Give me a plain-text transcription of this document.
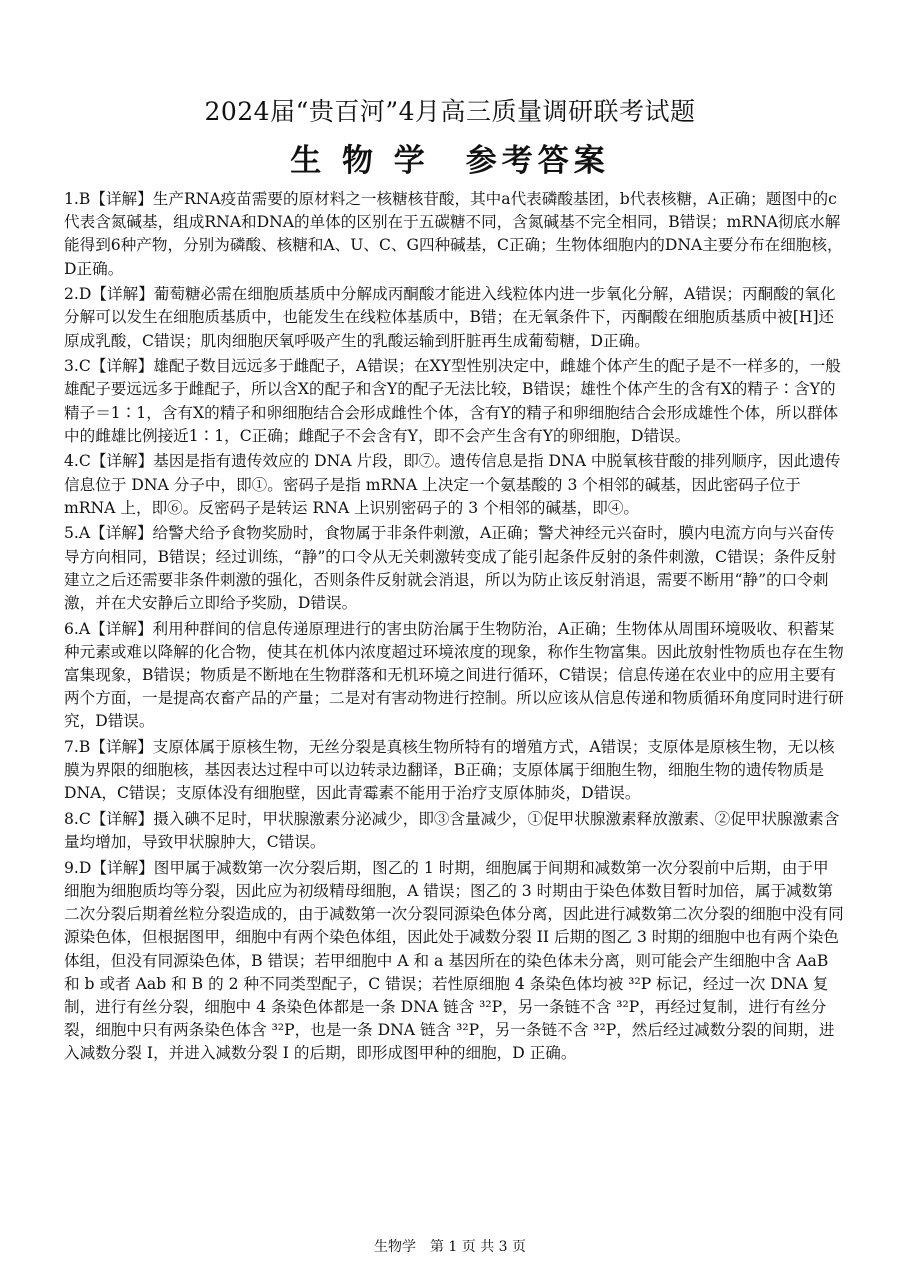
2024届“贵百河”4月高三质量调研联考试题
生 物 学　参考答案

1.B【详解】生产RNA疫苗需要的原材料之一核糖核苷酸，其中a代表磷酸基团，b代表核糖，A正确；题图中的c代表含氮碱基，组成RNA和DNA的单体的区别在于五碳糖不同，含氮碱基不完全相同，B错误；mRNA彻底水解能得到6种产物，分别为磷酸、核糖和A、U、C、G四种碱基，C正确；生物体细胞内的DNA主要分布在细胞核，D正确。

2.D【详解】葡萄糖必需在细胞质基质中分解成丙酮酸才能进入线粒体内进一步氧化分解，A错误；丙酮酸的氧化分解可以发生在细胞质基质中，也能发生在线粒体基质中，B错；在无氧条件下，丙酮酸在细胞质基质中被[H]还原成乳酸，C错误；肌肉细胞厌氧呼吸产生的乳酸运输到肝脏再生成葡萄糖，D正确。

3.C【详解】雄配子数目远远多于雌配子，A错误；在XY型性别决定中，雌雄个体产生的配子是不一样多的，一般雄配子要远远多于雌配子，所以含X的配子和含Y的配子无法比较，B错误；雄性个体产生的含有X的精子∶含Y的精子＝1∶1，含有X的精子和卵细胞结合会形成雌性个体，含有Y的精子和卵细胞结合会形成雄性个体，所以群体中的雌雄比例接近1∶1，C正确；雌配子不会含有Y，即不会产生含有Y的卵细胞，D错误。

4.C【详解】基因是指有遗传效应的 DNA 片段，即⑦。遗传信息是指 DNA 中脱氧核苷酸的排列顺序，因此遗传信息位于 DNA 分子中，即①。密码子是指 mRNA 上决定一个氨基酸的 3 个相邻的碱基，因此密码子位于 mRNA 上，即⑥。反密码子是转运 RNA 上识别密码子的 3 个相邻的碱基，即④。

5.A【详解】给警犬给予食物奖励时，食物属于非条件刺激，A正确；警犬神经元兴奋时，膜内电流方向与兴奋传导方向相同，B错误；经过训练，“静”的口令从无关刺激转变成了能引起条件反射的条件刺激，C错误；条件反射建立之后还需要非条件刺激的强化，否则条件反射就会消退，所以为防止该反射消退，需要不断用“静”的口令刺激，并在犬安静后立即给予奖励，D错误。

6.A【详解】利用种群间的信息传递原理进行的害虫防治属于生物防治，A正确；生物体从周围环境吸收、积蓄某种元素或难以降解的化合物，使其在机体内浓度超过环境浓度的现象，称作生物富集。因此放射性物质也存在生物富集现象，B错误；物质是不断地在生物群落和无机环境之间进行循环，C错误；信息传递在农业中的应用主要有两个方面，一是提高农畜产品的产量；二是对有害动物进行控制。所以应该从信息传递和物质循环角度同时进行研究，D错误。

7.B【详解】支原体属于原核生物，无丝分裂是真核生物所特有的增殖方式，A错误；支原体是原核生物，无以核膜为界限的细胞核，基因表达过程中可以边转录边翻译，B正确；支原体属于细胞生物，细胞生物的遗传物质是DNA，C错误；支原体没有细胞壁，因此青霉素不能用于治疗支原体肺炎，D错误。

8.C【详解】摄入碘不足时，甲状腺激素分泌减少，即③含量减少，①促甲状腺激素释放激素、②促甲状腺激素含量均增加，导致甲状腺肿大，C错误。

9.D【详解】图甲属于减数第一次分裂后期，图乙的 1 时期，细胞属于间期和减数第一次分裂前中后期，由于甲细胞为细胞质均等分裂，因此应为初级精母细胞，A 错误；图乙的 3 时期由于染色体数目暂时加倍，属于减数第二次分裂后期着丝粒分裂造成的，由于减数第一次分裂同源染色体分离，因此进行减数第二次分裂的细胞中没有同源染色体，但根据图甲，细胞中有两个染色体组，因此处于减数分裂 II 后期的图乙 3 时期的细胞中也有两个染色体组，但没有同源染色体，B 错误；若甲细胞中 A 和 a 基因所在的染色体未分离，则可能会产生细胞中含 AaB 和 b 或者 Aab 和 B 的 2 种不同类型配子，C 错误；若性原细胞 4 条染色体均被 ³²P 标记，经过一次 DNA 复制，进行有丝分裂，细胞中 4 条染色体都是一条 DNA 链含 ³²P，另一条链不含 ³²P，再经过复制，进行有丝分裂，细胞中只有两条染色体含 ³²P，也是一条 DNA 链含 ³²P，另一条链不含 ³²P，然后经过减数分裂的间期，进入减数分裂 I，并进入减数分裂 I 的后期，即形成图甲种的细胞，D 正确。

生物学　第 1 页 共 3 页
